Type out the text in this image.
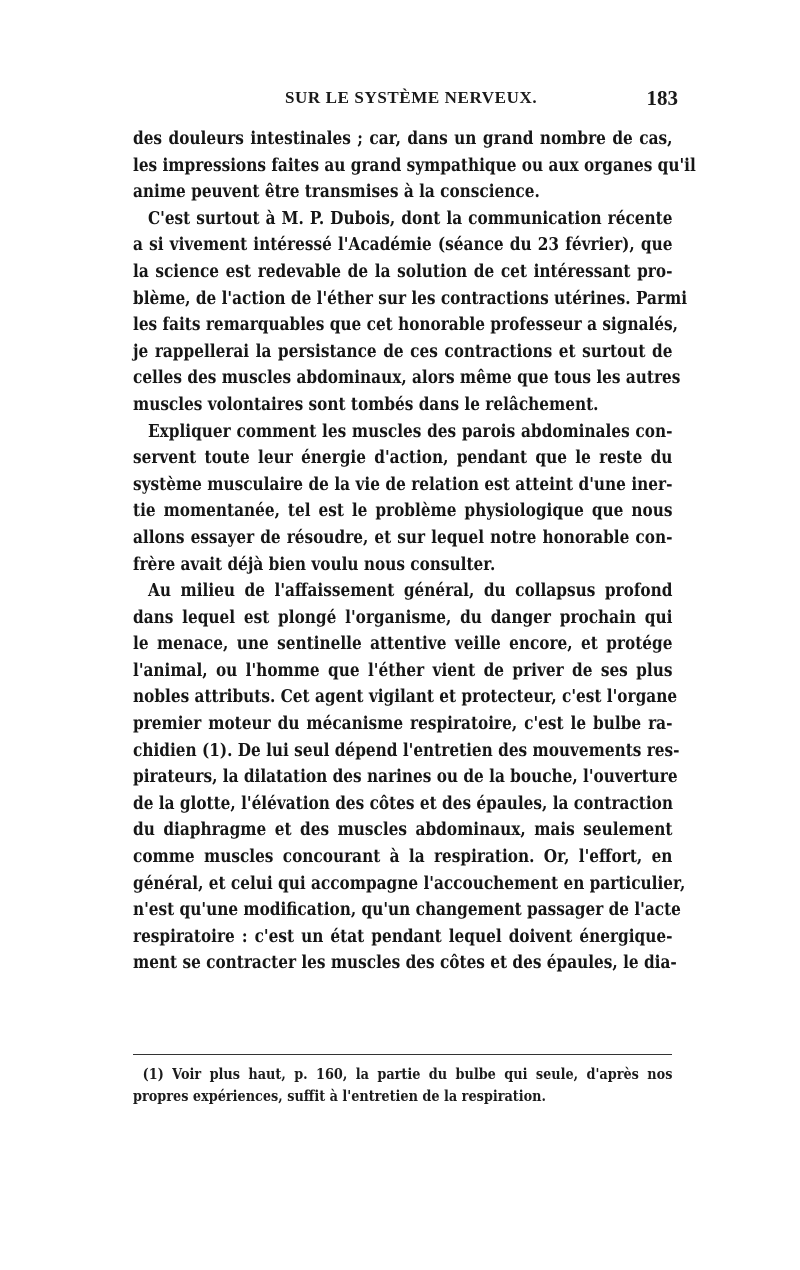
SUR LE SYSTÈME NERVEUX.	183
des douleurs intestinales ; car, dans un grand nombre de cas,
les impressions faites au grand sympathique ou aux organes qu'il
anime peuvent être transmises à la conscience.
C'est surtout à M. P. Dubois, dont la communication récente
a si vivement intéressé l'Académie (séance du 23 février), que
la science est redevable de la solution de cet intéressant pro-
blème, de l'action de l'éther sur les contractions utérines. Parmi
les faits remarquables que cet honorable professeur a signalés,
je rappellerai la persistance de ces contractions et surtout de
celles des muscles abdominaux, alors même que tous les autres
muscles volontaires sont tombés dans le relâchement.
Expliquer comment les muscles des parois abdominales con-
servent toute leur énergie d'action, pendant que le reste du
système musculaire de la vie de relation est atteint d'une iner-
tie momentanée, tel est le problème physiologique que nous
allons essayer de résoudre, et sur lequel notre honorable con-
frère avait déjà bien voulu nous consulter.
Au milieu de l'affaissement général, du collapsus profond
dans lequel est plongé l'organisme, du danger prochain qui
le menace, une sentinelle attentive veille encore, et protége
l'animal, ou l'homme que l'éther vient de priver de ses plus
nobles attributs. Cet agent vigilant et protecteur, c'est l'organe
premier moteur du mécanisme respiratoire, c'est le bulbe ra-
chidien (1). De lui seul dépend l'entretien des mouvements res-
pirateurs, la dilatation des narines ou de la bouche, l'ouverture
de la glotte, l'élévation des côtes et des épaules, la contraction
du diaphragme et des muscles abdominaux, mais seulement
comme muscles concourant à la respiration. Or, l'effort, en
général, et celui qui accompagne l'accouchement en particulier,
n'est qu'une modification, qu'un changement passager de l'acte
respiratoire : c'est un état pendant lequel doivent énergique-
ment se contracter les muscles des côtes et des épaules, le dia-
(1) Voir plus haut, p. 160, la partie du bulbe qui seule, d'après nos
propres expériences, suffit à l'entretien de la respiration.
